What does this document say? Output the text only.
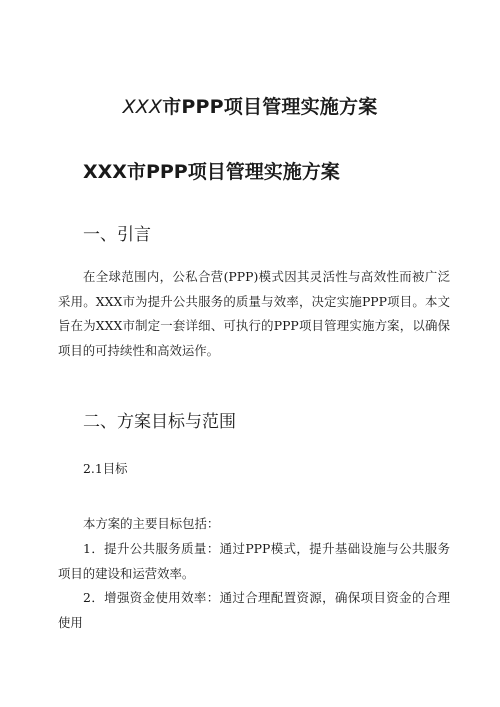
XXX市PPP项目管理实施方案
XXX市PPP项目管理实施方案
一、引言

在全球范围内，公私合营(PPP)模式因其灵活性与高效性而被广泛采用。XXX市为提升公共服务的质量与效率，决定实施PPP项目。本文旨在为XXX市制定一套详细、可执行的PPP项目管理实施方案，以确保项目的可持续性和高效运作。

二、方案目标与范围
2.1目标

本方案的主要目标包括：

1．提升公共服务质量：通过PPP模式，提升基础设施与公共服务项目的建设和运营效率。

2．增强资金使用效率：通过合理配置资源，确保项目资金的合理使用
